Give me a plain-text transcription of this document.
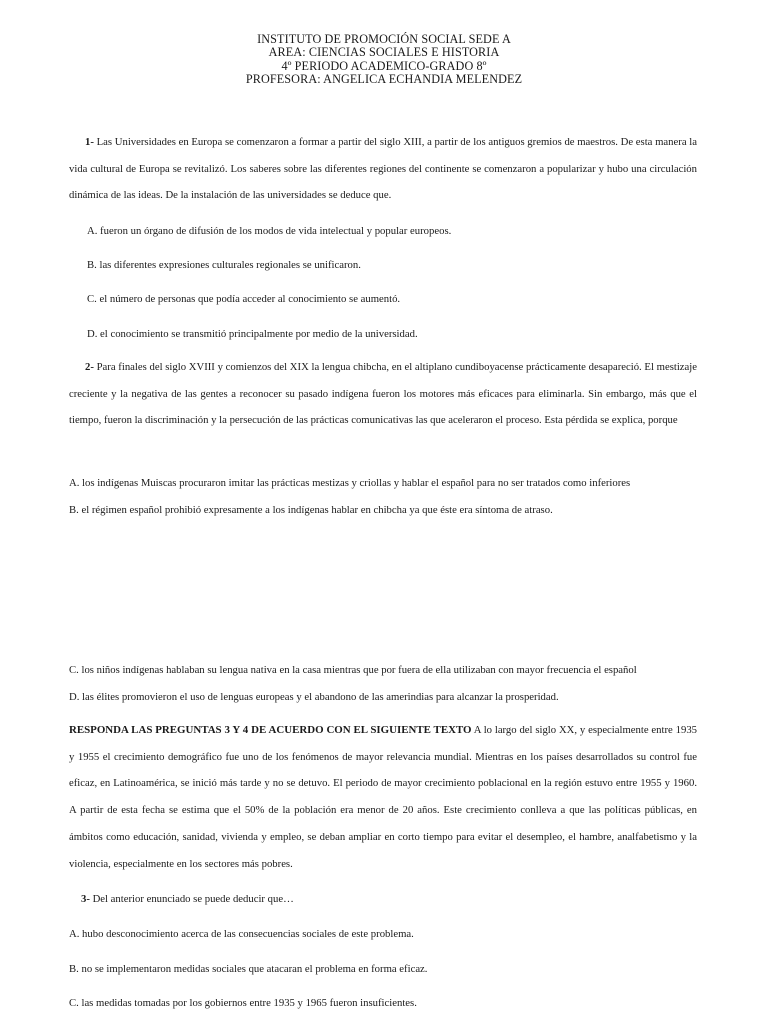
INSTITUTO DE PROMOCIÓN SOCIAL SEDE A
AREA: CIENCIAS SOCIALES E HISTORIA
4º PERIODO ACADEMICO-GRADO 8º
PROFESORA: ANGELICA ECHANDIA MELENDEZ
1- Las Universidades en Europa se comenzaron a formar a partir del siglo XIII, a partir de los antiguos gremios de maestros. De esta manera la vida cultural de Europa se revitalizó. Los saberes sobre las diferentes regiones del continente se comenzaron a popularizar y hubo una circulación dinámica de las ideas. De la instalación de las universidades se deduce que.
A. fueron un órgano de difusión de los modos de vida intelectual y popular europeos.
B. las diferentes expresiones culturales regionales se unificaron.
C. el número de personas que podía acceder al conocimiento se aumentó.
D. el conocimiento se transmitió principalmente por medio de la universidad.
2- Para finales del siglo XVIII y comienzos del XIX la lengua chibcha, en el altiplano cundiboyacense prácticamente desapareció. El mestizaje creciente y la negativa de las gentes a reconocer su pasado indígena fueron los motores más eficaces para eliminarla. Sin embargo, más que el tiempo, fueron la discriminación y la persecución de las prácticas comunicativas las que aceleraron el proceso. Esta pérdida se explica, porque
A. los indígenas Muiscas procuraron imitar las prácticas mestizas y criollas y hablar el español para no ser tratados como inferiores
B. el régimen español prohibió expresamente a los indígenas hablar en chibcha ya que éste era síntoma de atraso.
C. los niños indígenas hablaban su lengua nativa en la casa mientras que por fuera de ella utilizaban con mayor frecuencia el español
D. las élites promovieron el uso de lenguas europeas y el abandono de las amerindias para alcanzar la prosperidad.
RESPONDA LAS PREGUNTAS 3 Y 4 DE ACUERDO CON EL SIGUIENTE TEXTO A lo largo del siglo XX, y especialmente entre 1935 y 1955 el crecimiento demográfico fue uno de los fenómenos de mayor relevancia mundial. Mientras en los países desarrollados su control fue eficaz, en Latinoamérica, se inició más tarde y no se detuvo. El periodo de mayor crecimiento poblacional en la región estuvo entre 1955 y 1960. A partir de esta fecha se estima que el 50% de la población era menor de 20 años. Este crecimiento conlleva a que las políticas públicas, en ámbitos como educación, sanidad, vivienda y empleo, se deban ampliar en corto tiempo para evitar el desempleo, el hambre, analfabetismo y la violencia, especialmente en los sectores más pobres.
3- Del anterior enunciado se puede deducir que…
A. hubo desconocimiento acerca de las consecuencias sociales de este problema.
B. no se implementaron medidas sociales que atacaran el problema en forma eficaz.
C. las medidas tomadas por los gobiernos entre 1935 y 1965 fueron insuficientes.
